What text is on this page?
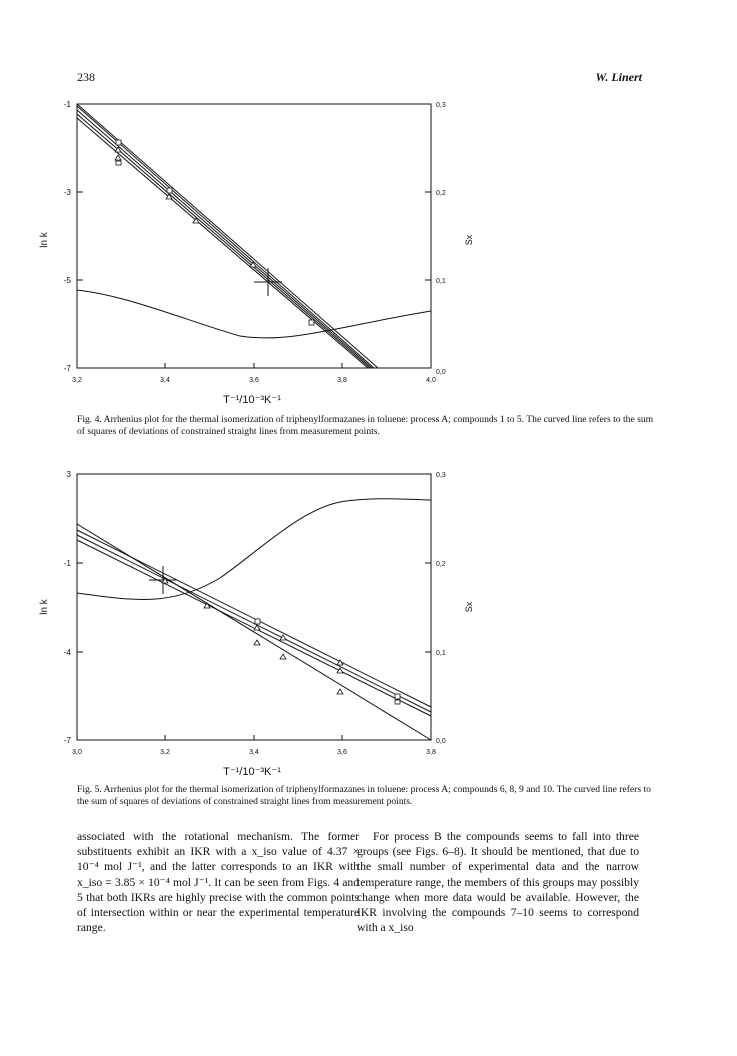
238	W. Linert
-1
-3
-5
-7
0,3
0,2
0,1
0,0
3,2	3,4	3,6	3,8	4,0
ln k	Sx
T⁻¹/10⁻³K⁻¹
Fig. 4. Arrhenius plot for the thermal isomerization of triphenylformazanes in toluene: process A; compounds 1 to 5. The curved line refers to the sum of squares of deviations of constrained straight lines from measurement points.
3
-1
-4
-7
0,3
0,2
0,1
0,0
3,0	3,2	3,4	3,6	3,8
ln k	Sx
T⁻¹/10⁻³K⁻¹
Fig. 5. Arrhenius plot for the thermal isomerization of triphenylformazanes in toluene: process A; compounds 6, 8, 9 and 10. The curved line refers to the sum of squares of deviations of constrained straight lines from measurement points.

associated with the rotational mechanism. The former substituents exhibit an IKR with a x_iso value of 4.37 × 10⁻⁴ mol J⁻¹, and the latter corresponds to an IKR with x_iso = 3.85 × 10⁻⁴ mol J⁻¹. It can be seen from Figs. 4 and 5 that both IKRs are highly precise with the common points of intersection within or near the experimental temperature range.

For process B the compounds seems to fall into three groups (see Figs. 6–8). It should be mentioned, that due to the small number of experimental data and the narrow temperature range, the members of this groups may possibly change when more data would be available. However, the IKR involving the compounds 7–10 seems to correspond with a x_iso
